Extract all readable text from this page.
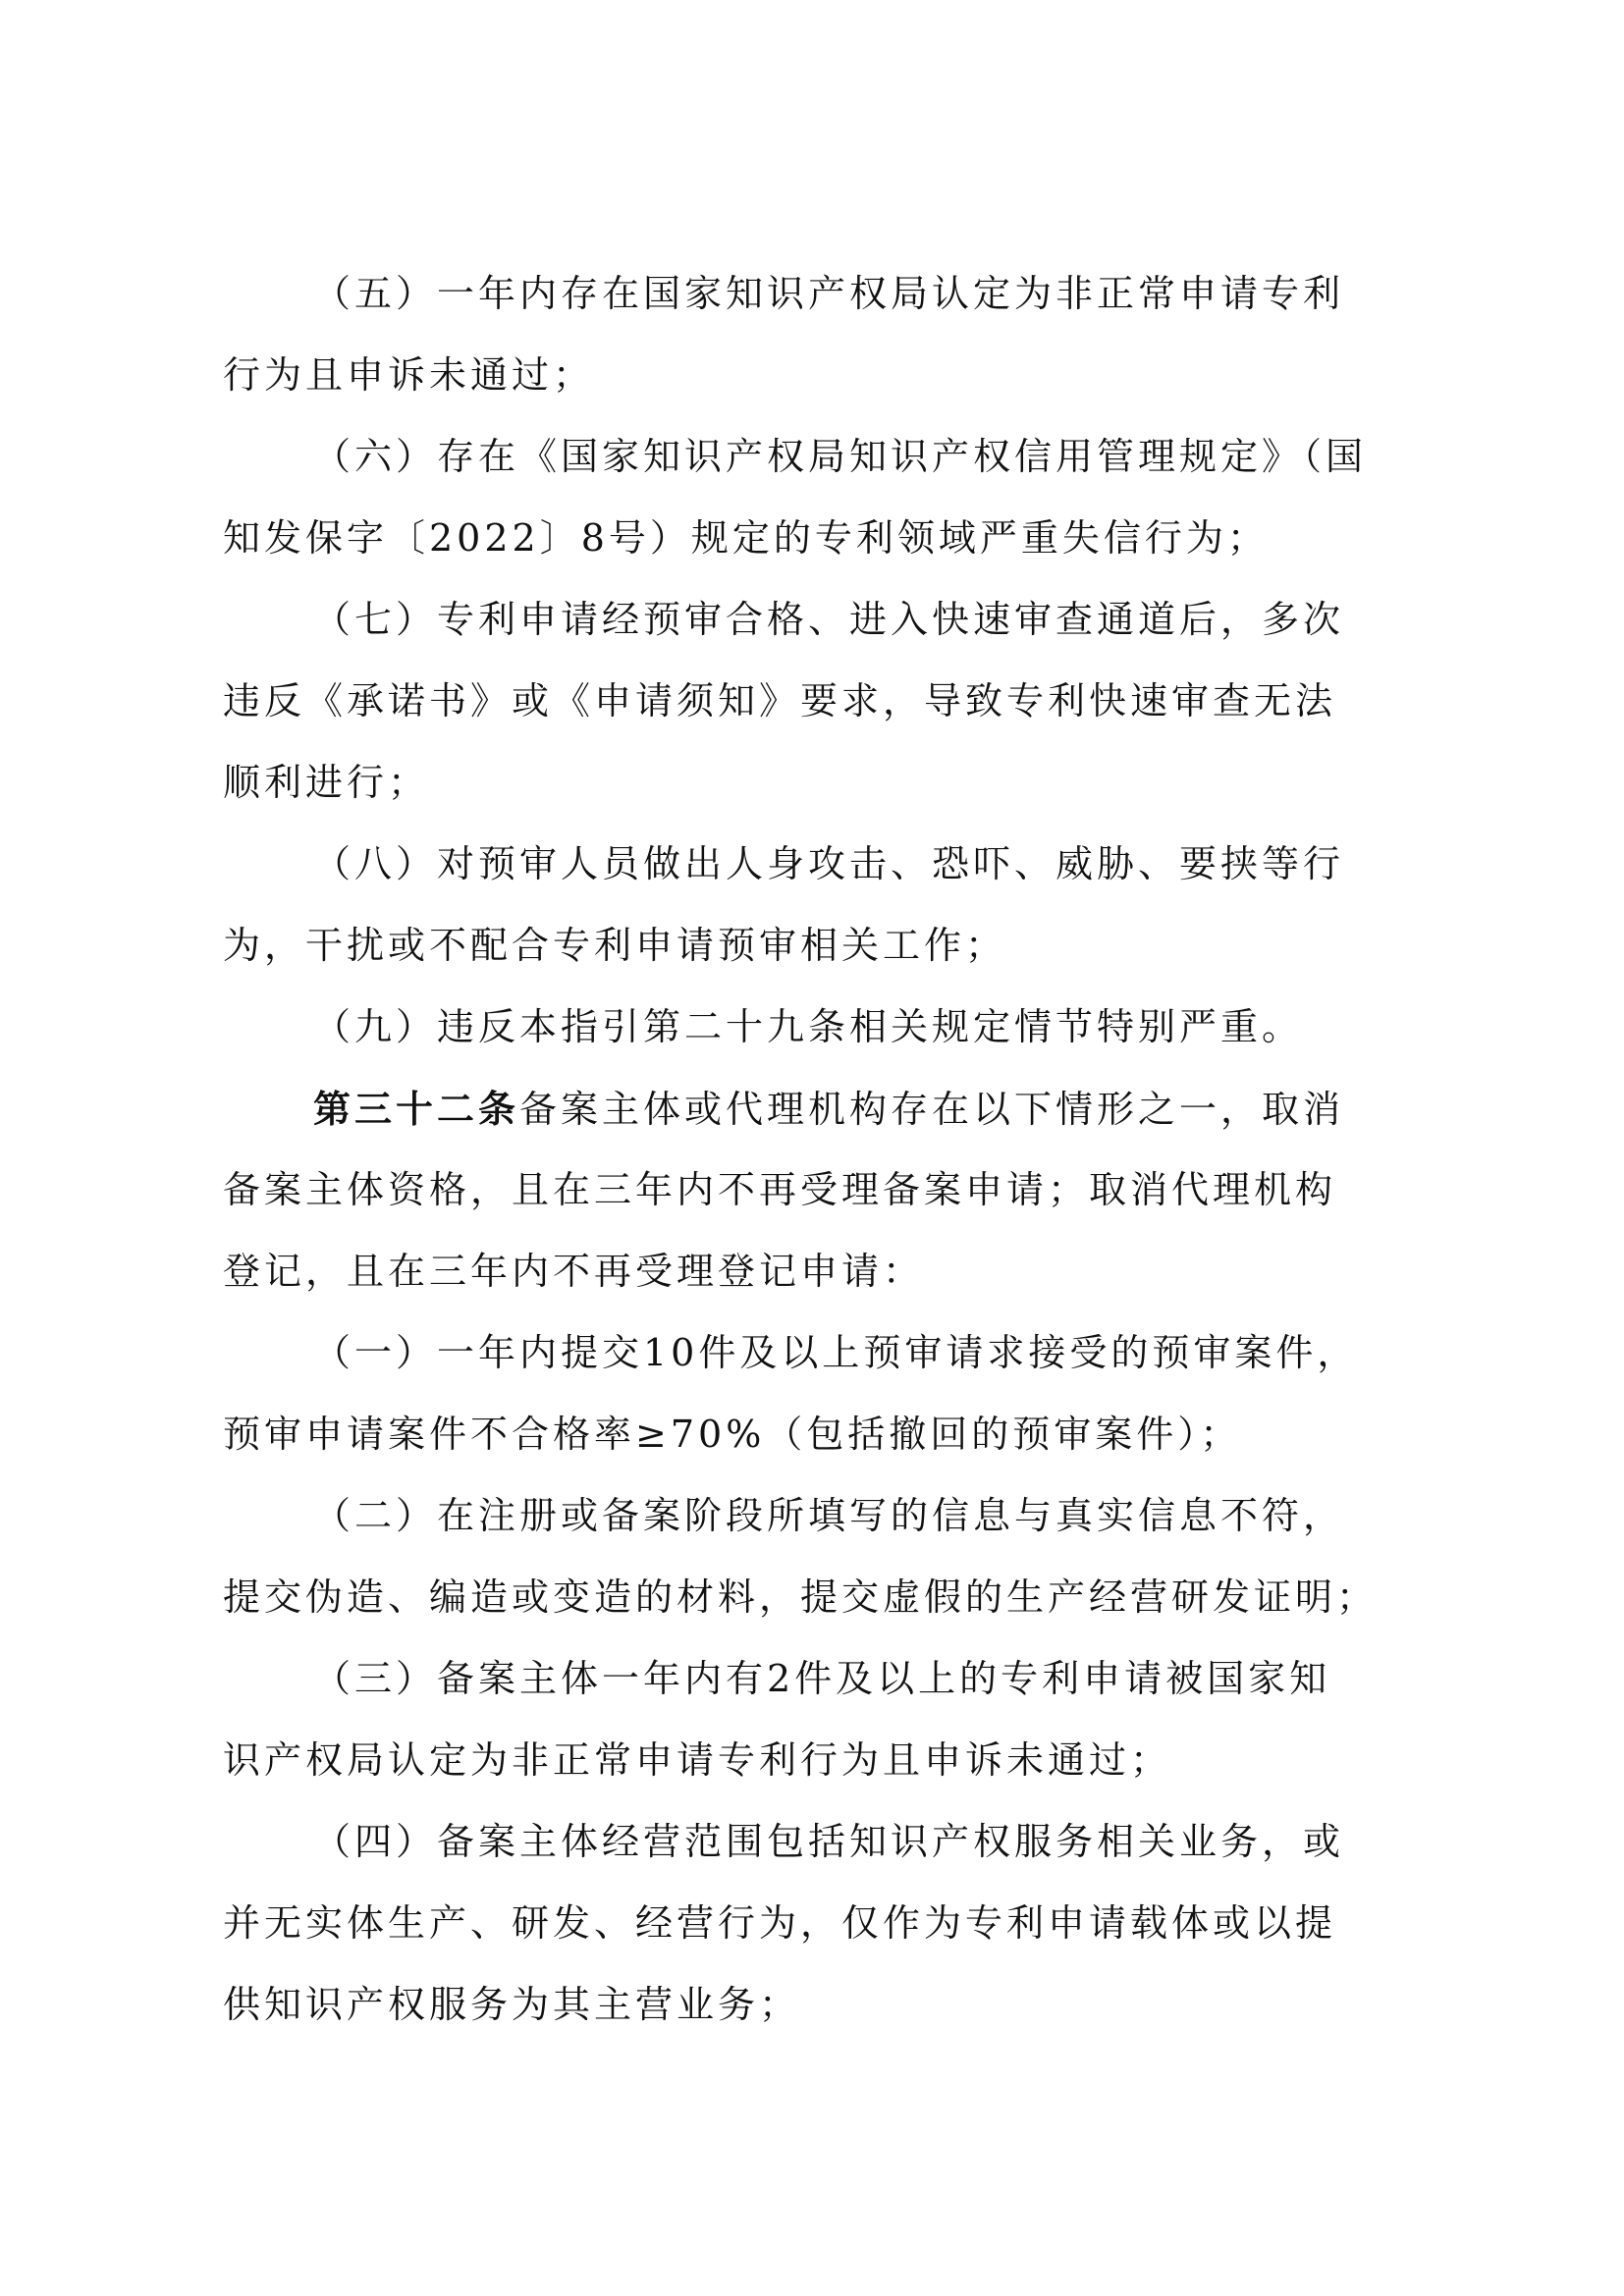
（五）一年内存在国家知识产权局认定为非正常申请专利
行为且申诉未通过；
（六）存在《国家知识产权局知识产权信用管理规定》（国
知发保字〔2022〕8号）规定的专利领域严重失信行为；
（七）专利申请经预审合格、进入快速审查通道后，多次
违反《承诺书》或《申请须知》要求，导致专利快速审查无法
顺利进行；
（八）对预审人员做出人身攻击、恐吓、威胁、要挟等行
为，干扰或不配合专利申请预审相关工作；
（九）违反本指引第二十九条相关规定情节特别严重。
第三十二条备案主体或代理机构存在以下情形之一，取消
备案主体资格，且在三年内不再受理备案申请；取消代理机构
登记，且在三年内不再受理登记申请：
（一）一年内提交10件及以上预审请求接受的预审案件，
预审申请案件不合格率≥70%（包括撤回的预审案件）；
（二）在注册或备案阶段所填写的信息与真实信息不符，
提交伪造、编造或变造的材料，提交虚假的生产经营研发证明；
（三）备案主体一年内有2件及以上的专利申请被国家知
识产权局认定为非正常申请专利行为且申诉未通过；
（四）备案主体经营范围包括知识产权服务相关业务，或
并无实体生产、研发、经营行为，仅作为专利申请载体或以提
供知识产权服务为其主营业务；
